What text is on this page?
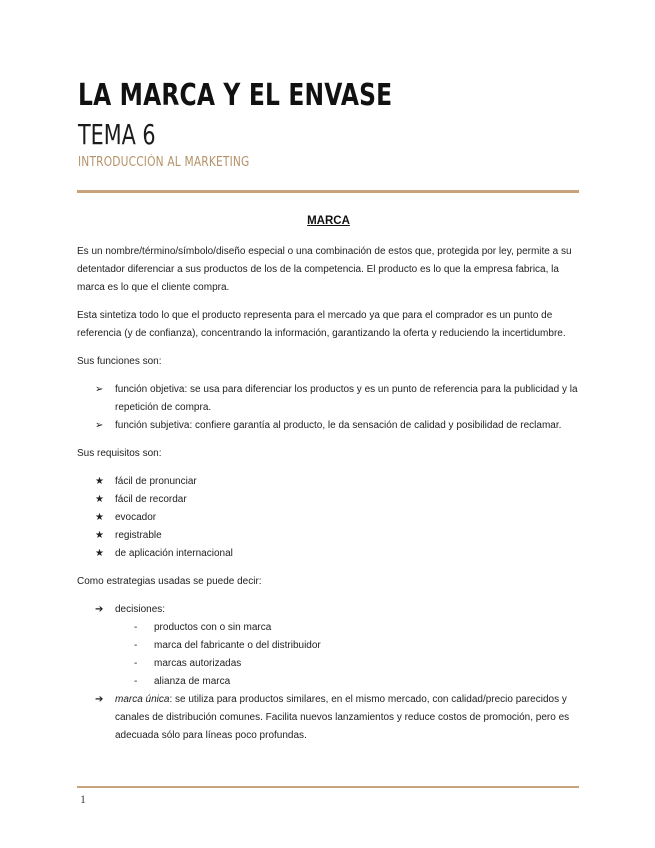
LA MARCA Y EL ENVASE
TEMA 6
INTRODUCCIÓN AL MARKETING
MARCA

Es un nombre/término/símbolo/diseño especial o una combinación de estos que, protegida por ley, permite a su detentador diferenciar a sus productos de los de la competencia. El producto es lo que la empresa fabrica, la marca es lo que el cliente compra.

Esta sintetiza todo lo que el producto representa para el mercado ya que para el comprador es un punto de referencia (y de confianza), concentrando la información, garantizando la oferta y reduciendo la incertidumbre.

Sus funciones son:

➢	función objetiva: se usa para diferenciar los productos y es un punto de referencia para la publicidad y la repetición de compra.
➢	función subjetiva: confiere garantía al producto, le da sensación de calidad y posibilidad de reclamar.

Sus requisitos son:

★	fácil de pronunciar
★	fácil de recordar
★	evocador
★	registrable
★	de aplicación internacional

Como estrategias usadas se puede decir:

➔	decisiones:
-	productos con o sin marca
-	marca del fabricante o del distribuidor
-	marcas autorizadas
-	alianza de marca
➔	marca única: se utiliza para productos similares, en el mismo mercado, con calidad/precio parecidos y canales de distribución comunes. Facilita nuevos lanzamientos y reduce costos de promoción, pero es adecuada sólo para líneas poco profundas.
1
